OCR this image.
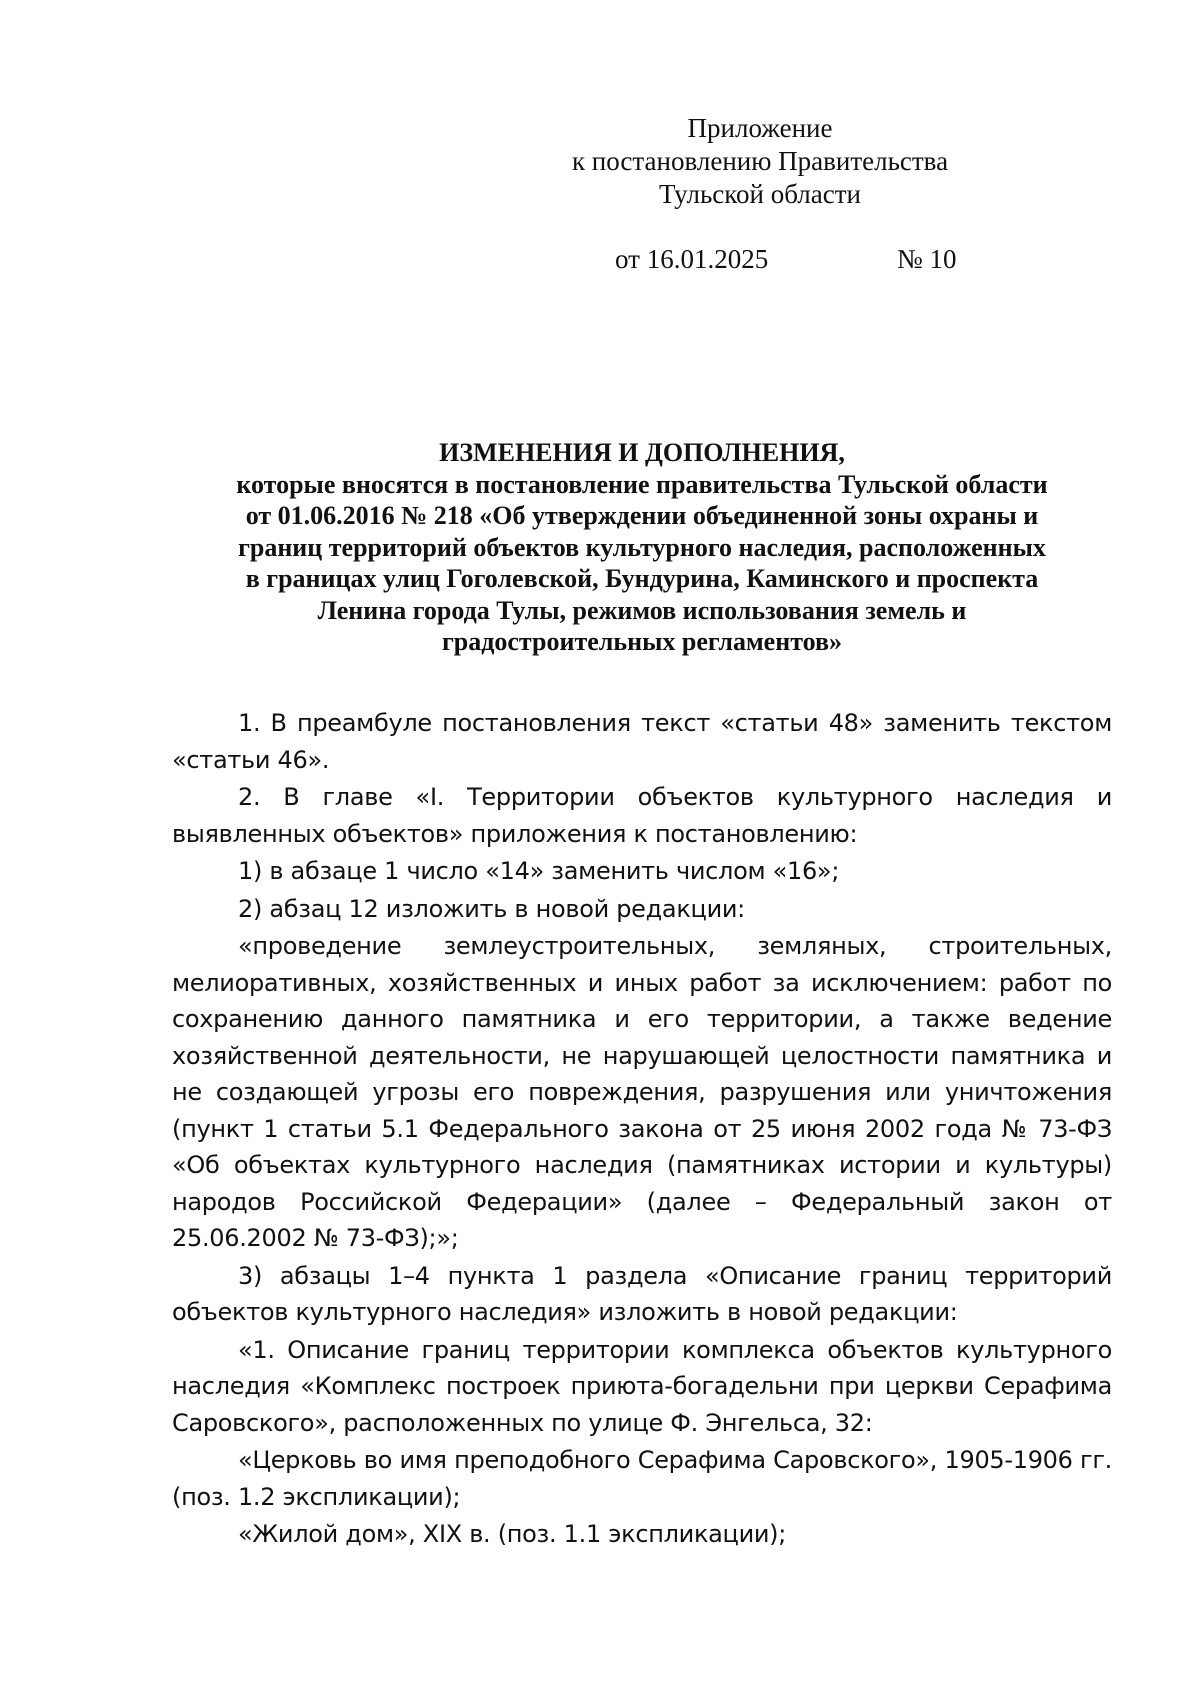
Приложение
к постановлению Правительства
Тульской области
от 16.01.2025	№ 10
ИЗМЕНЕНИЯ И ДОПОЛНЕНИЯ,
которые вносятся в постановление правительства Тульской области
от 01.06.2016 № 218 «Об утверждении объединенной зоны охраны и
границ территорий объектов культурного наследия, расположенных
в границах улиц Гоголевской, Бундурина, Каминского и проспекта
Ленина города Тулы, режимов использования земель и
градостроительных регламентов»

1. В преамбуле постановления текст «статьи 48» заменить текстом «статьи 46».

2. В главе «I. Территории объектов культурного наследия и выявленных объектов» приложения к постановлению:

1) в абзаце 1 число «14» заменить числом «16»;

2) абзац 12 изложить в новой редакции:

«проведение землеустроительных, земляных, строительных, мелиоративных, хозяйственных и иных работ за исключением: работ по сохранению данного памятника и его территории, а также ведение хозяйственной деятельности, не нарушающей целостности памятника и не создающей угрозы его повреждения, разрушения или уничтожения (пункт 1 статьи 5.1 Федерального закона от 25 июня 2002 года № 73-ФЗ «Об объектах культурного наследия (памятниках истории и культуры) народов Российской Федерации» (далее – Федеральный закон от 25.06.2002 № 73-ФЗ);»;

3) абзацы 1–4 пункта 1 раздела «Описание границ территорий объектов культурного наследия» изложить в новой редакции:

«1. Описание границ территории комплекса объектов культурного наследия «Комплекс построек приюта-богадельни при церкви Серафима Саровского», расположенных по улице Ф. Энгельса, 32:

«Церковь во имя преподобного Серафима Саровского», 1905-1906 гг. (поз. 1.2 экспликации);

«Жилой дом», XIX в. (поз. 1.1 экспликации);
